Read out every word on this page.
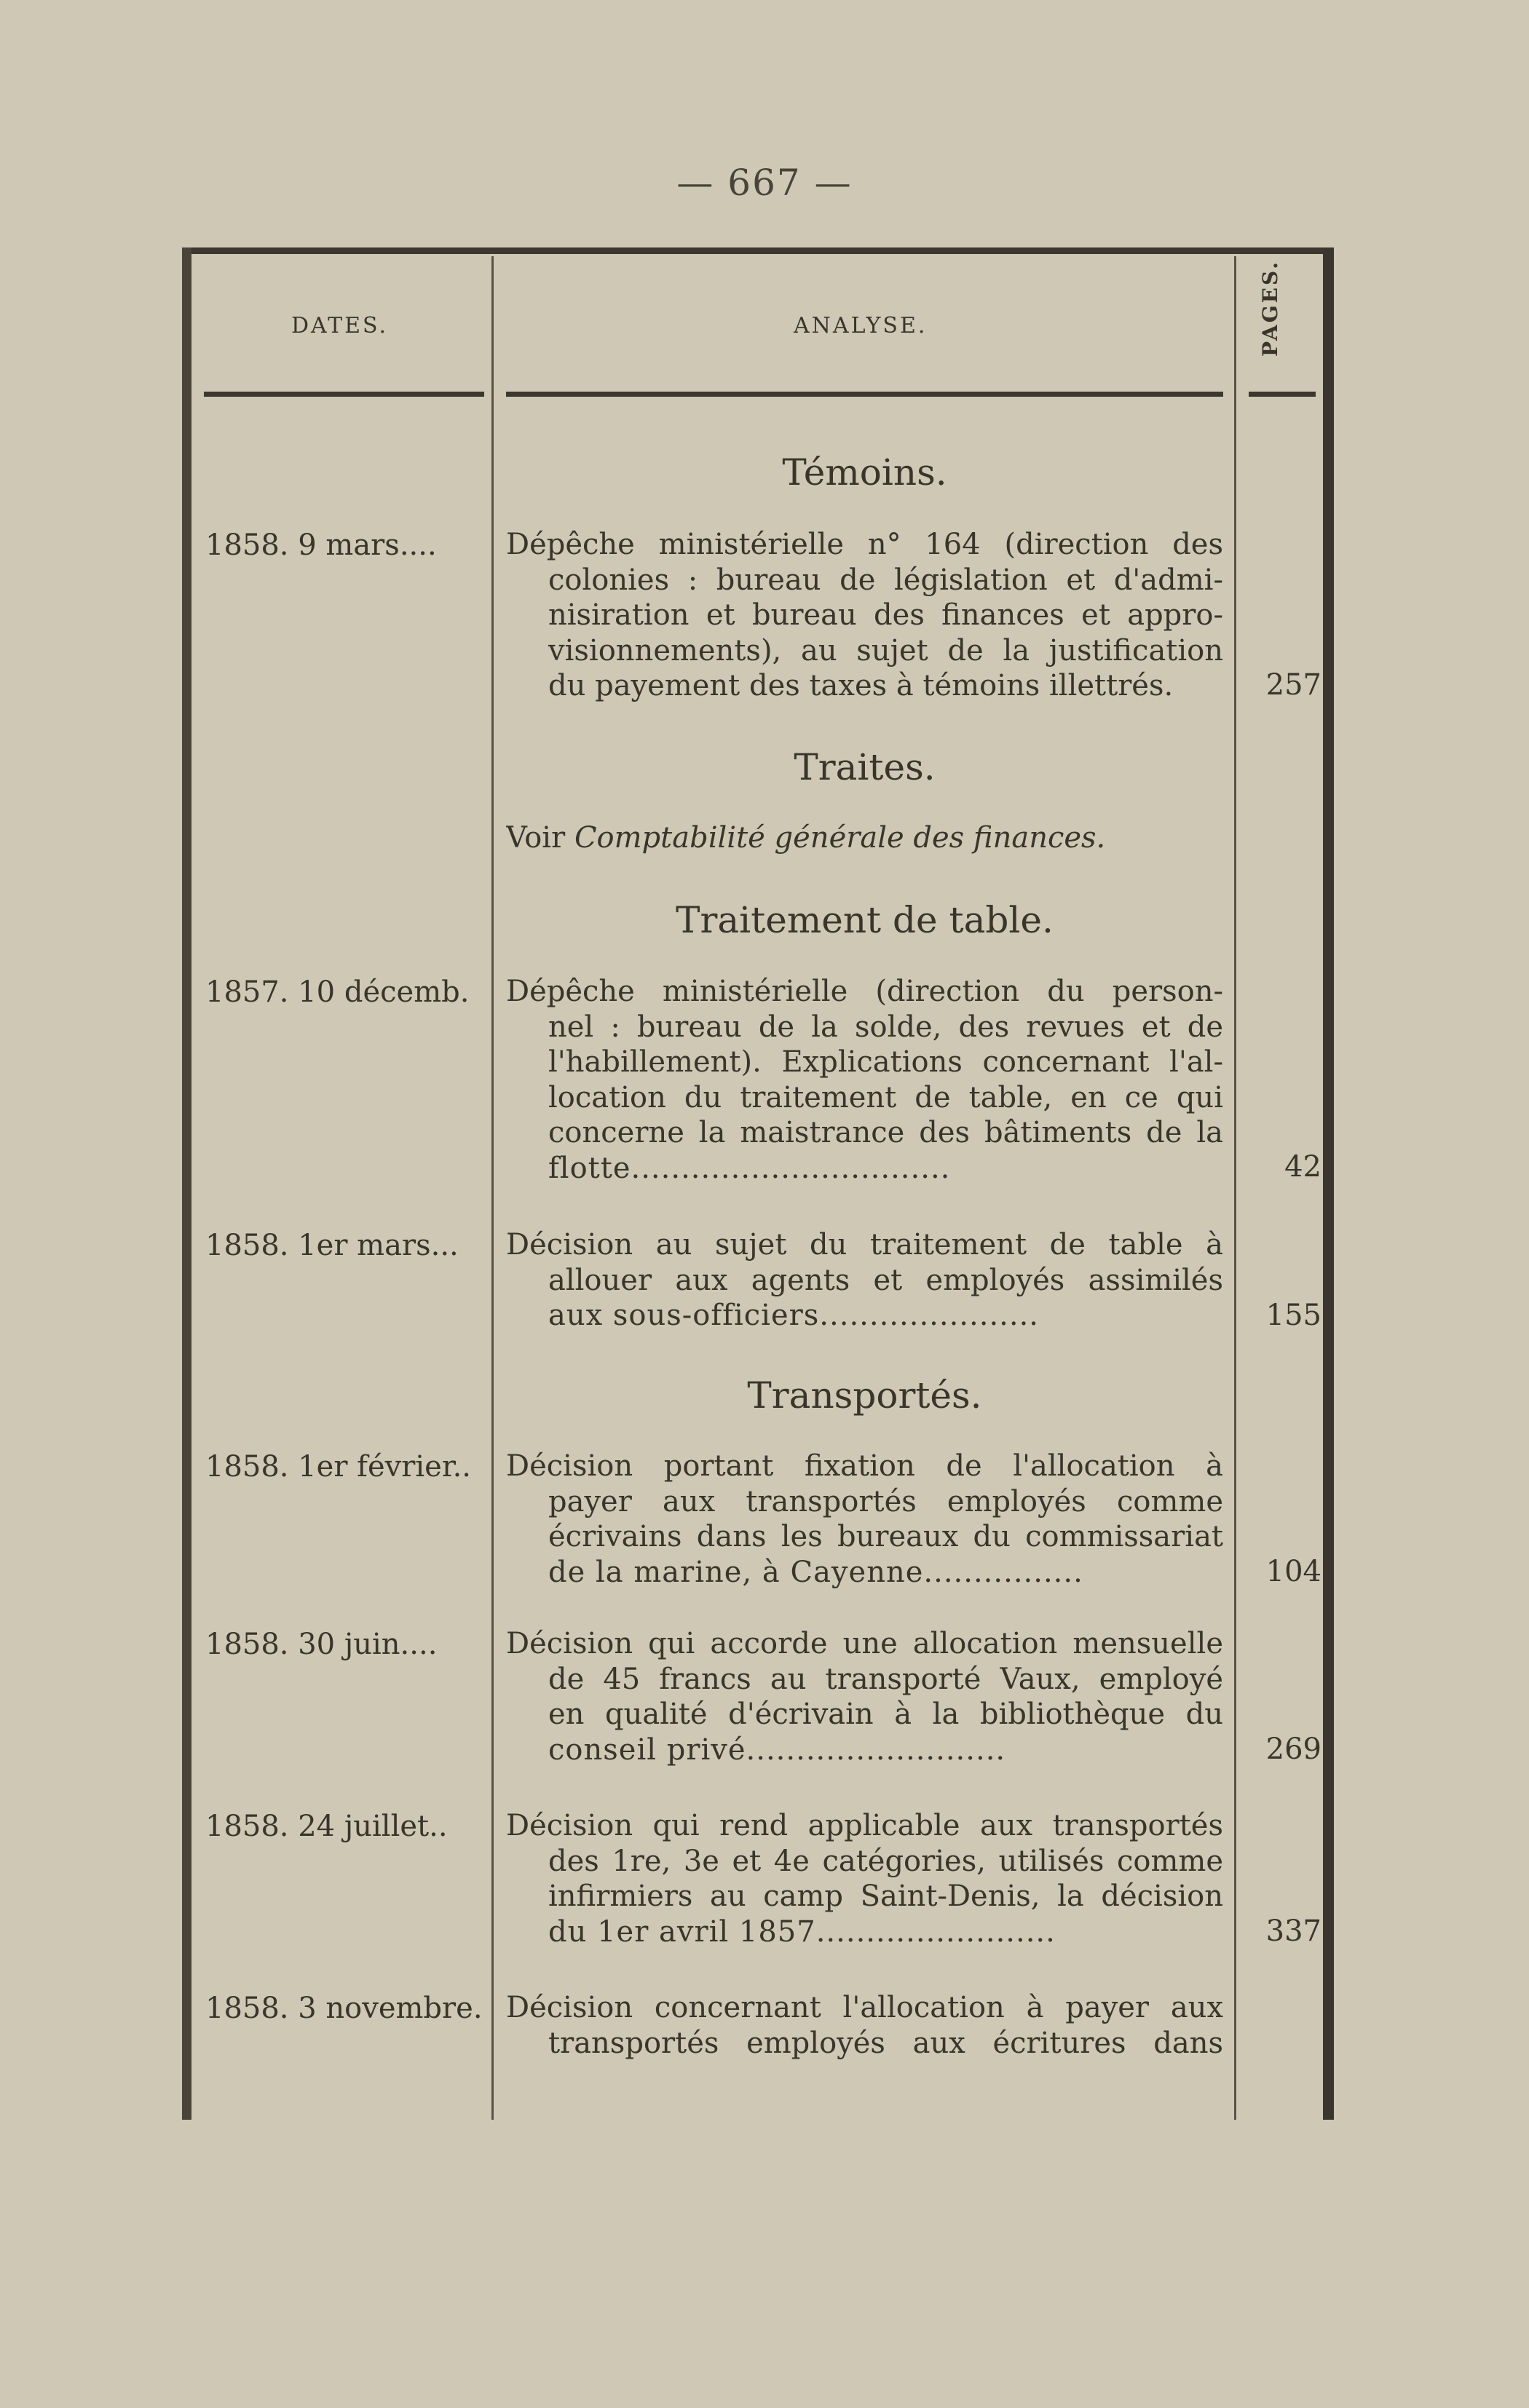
— 667 —
DATES.	ANALYSE.	PAGES.
Témoins.
1858. 9 mars.... Dépêche ministérielle n° 164 (direction des
colonies : bureau de législation et d'admi-
nisiration et bureau des finances et appro-
visionnements), au sujet de la justification
du payement des taxes à témoins illettrés.	257
Traites.
Voir Comptabilité générale des finances.
Traitement de table.
1857. 10 décemb. Dépêche ministérielle (direction du person-
nel : bureau de la solde, des revues et de
l'habillement). Explications concernant l'al-
location du traitement de table, en ce qui
concerne la maistrance des bâtiments de la
flotte................................	42
1858. 1er mars... Décision au sujet du traitement de table à
allouer aux agents et employés assimilés
aux sous-officiers......................	155
Transportés.
1858. 1er février.. Décision portant fixation de l'allocation à
payer aux transportés employés comme
écrivains dans les bureaux du commissariat
de la marine, à Cayenne................	104
1858. 30 juin.... Décision qui accorde une allocation mensuelle
de 45 francs au transporté Vaux, employé
en qualité d'écrivain à la bibliothèque du
conseil privé..........................	269
1858. 24 juillet.. Décision qui rend applicable aux transportés
des 1re, 3e et 4e catégories, utilisés comme
infirmiers au camp Saint-Denis, la décision
du 1er avril 1857........................	337
1858. 3 novembre. Décision concernant l'allocation à payer aux
transportés employés aux écritures dans
